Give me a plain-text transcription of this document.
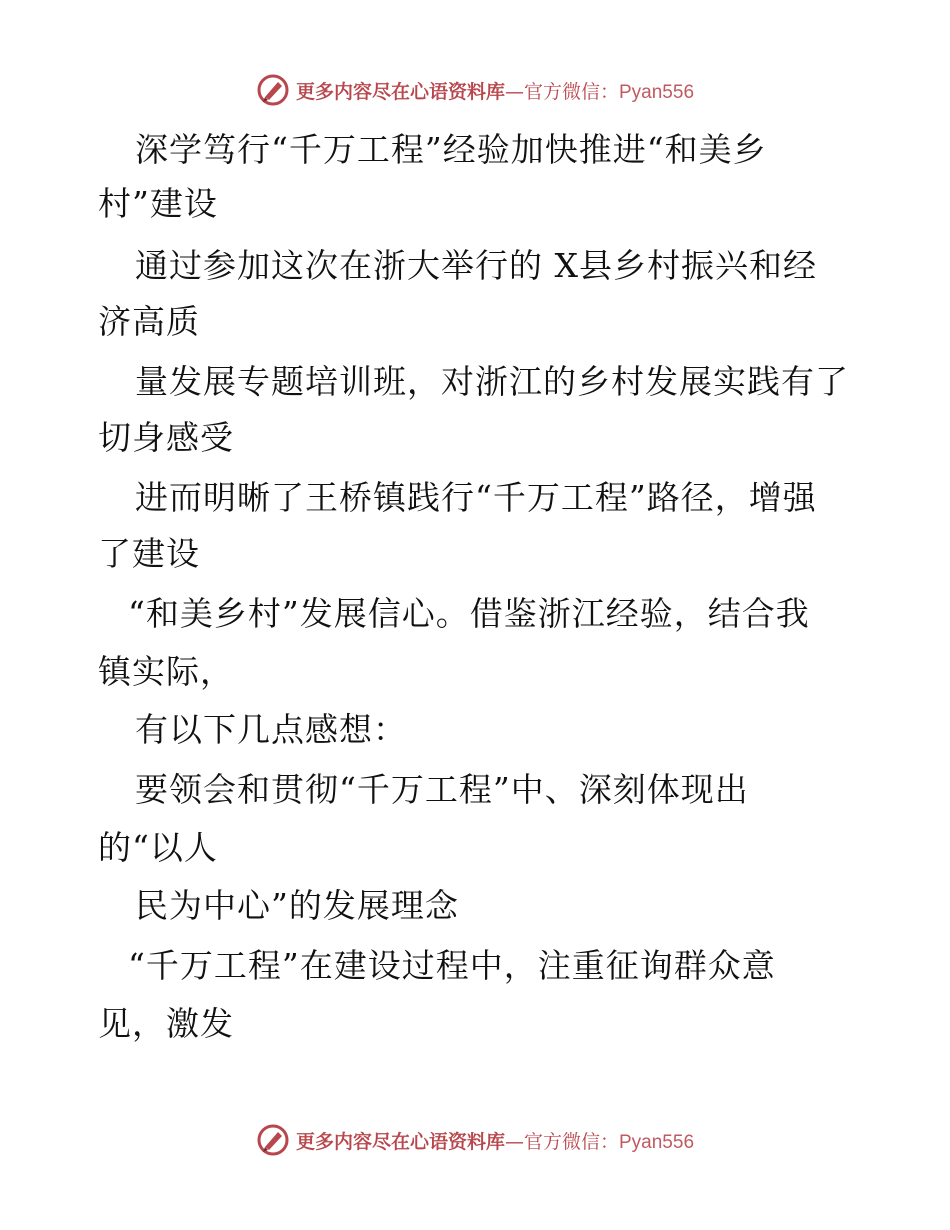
更多内容尽在心语资料库—官方微信：Pyan556
深学笃行“千万工程”经验加快推进“和美乡
村”建设
通过参加这次在浙大举行的 X县乡村振兴和经
济高质
量发展专题培训班，对浙江的乡村发展实践有了
切身感受
进而明晰了王桥镇践行“千万工程”路径，增强
了建设
“和美乡村”发展信心。借鉴浙江经验，结合我
镇实际，
有以下几点感想：
要领会和贯彻“千万工程”中、深刻体现出
的“以人
民为中心”的发展理念
“千万工程”在建设过程中，注重征询群众意
见，激发
更多内容尽在心语资料库—官方微信：Pyan556
